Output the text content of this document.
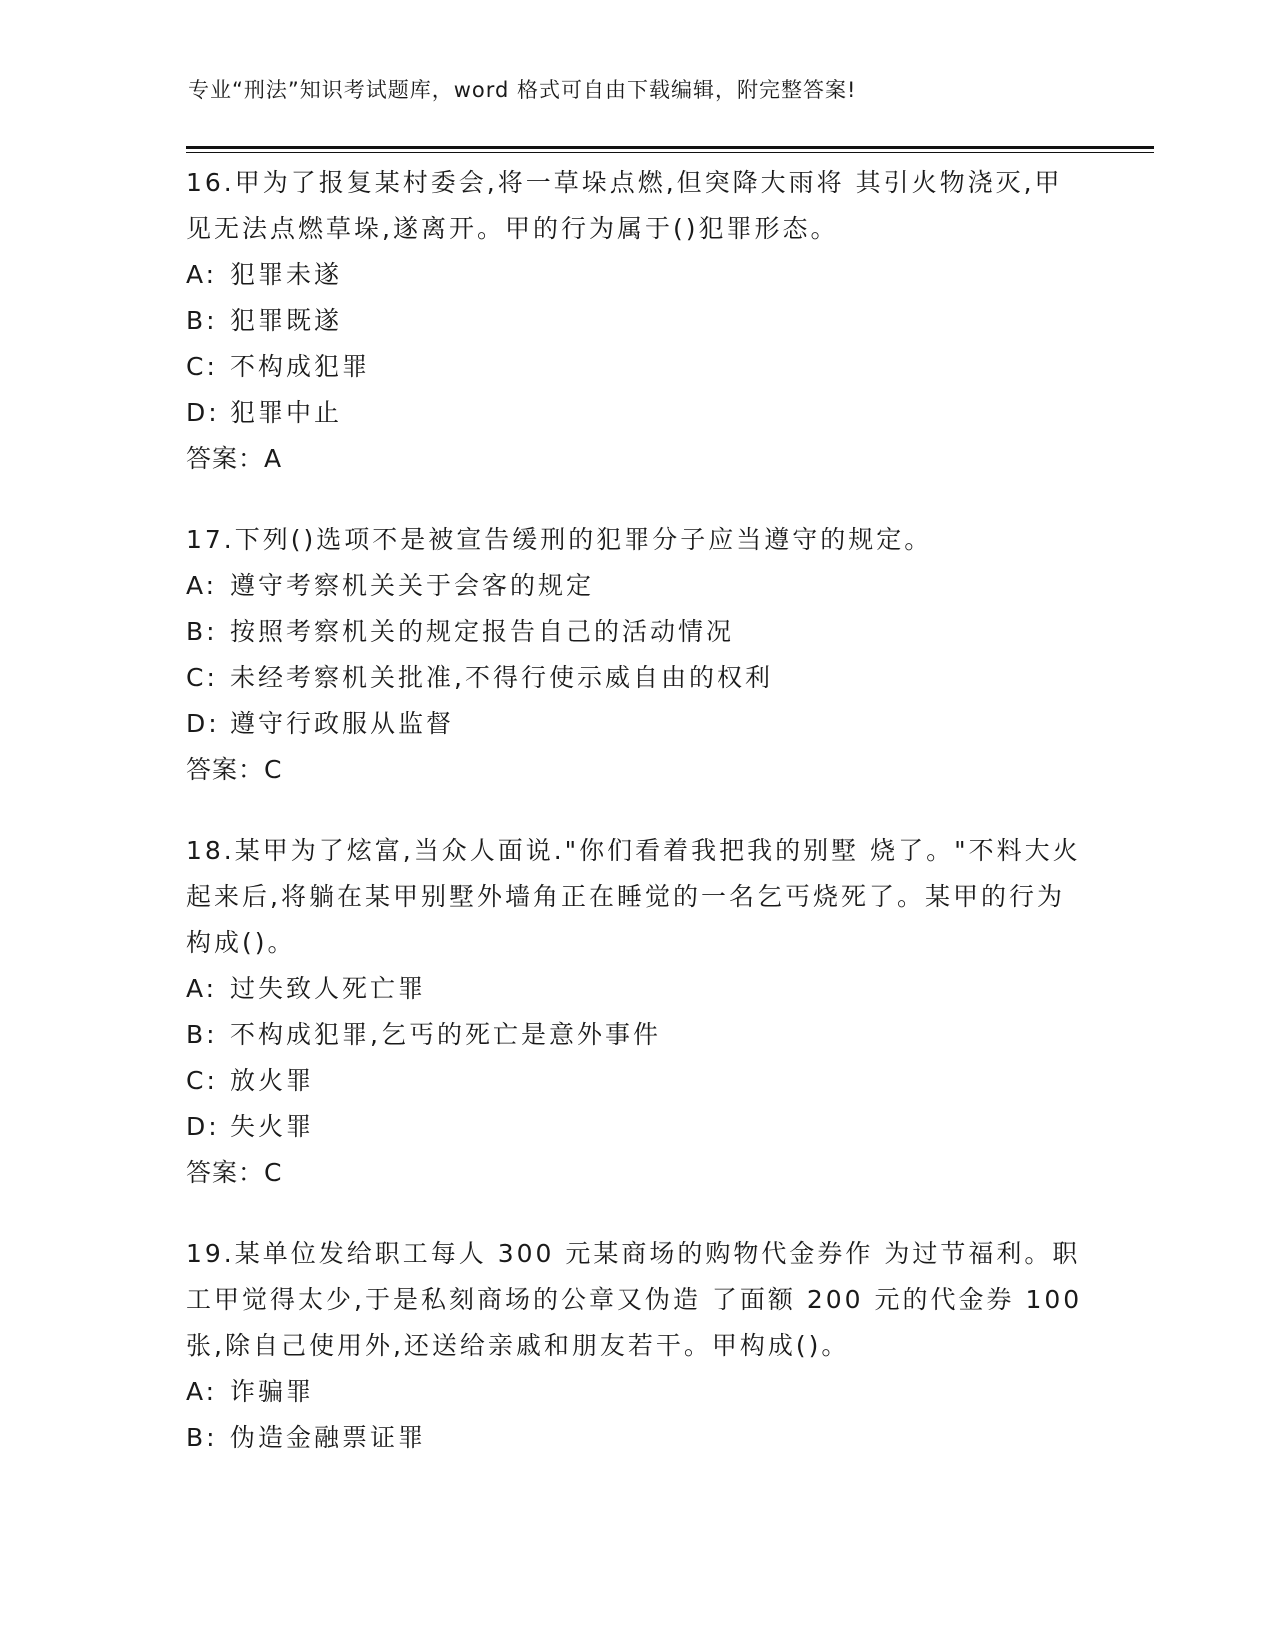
专业“刑法”知识考试题库，word 格式可自由下载编辑，附完整答案!
16.甲为了报复某村委会,将一草垛点燃,但突降大雨将 其引火物浇灭,甲见无法点燃草垛,遂离开。甲的行为属于()犯罪形态。
A: 犯罪未遂
B: 犯罪既遂
C: 不构成犯罪
D: 犯罪中止
答案：A
17.下列()选项不是被宣告缓刑的犯罪分子应当遵守的规定。
A: 遵守考察机关关于会客的规定
B: 按照考察机关的规定报告自己的活动情况
C: 未经考察机关批准,不得行使示威自由的权利
D: 遵守行政服从监督
答案：C
18.某甲为了炫富,当众人面说."你们看着我把我的别墅 烧了。"不料大火起来后,将躺在某甲别墅外墙角正在睡觉的一名乞丐烧死了。某甲的行为构成()。
A: 过失致人死亡罪
B: 不构成犯罪,乞丐的死亡是意外事件
C: 放火罪
D: 失火罪
答案：C
19.某单位发给职工每人 300 元某商场的购物代金券作 为过节福利。职工甲觉得太少,于是私刻商场的公章又伪造 了面额 200 元的代金券 100 张,除自己使用外,还送给亲戚和朋友若干。甲构成()。
A: 诈骗罪
B: 伪造金融票证罪
